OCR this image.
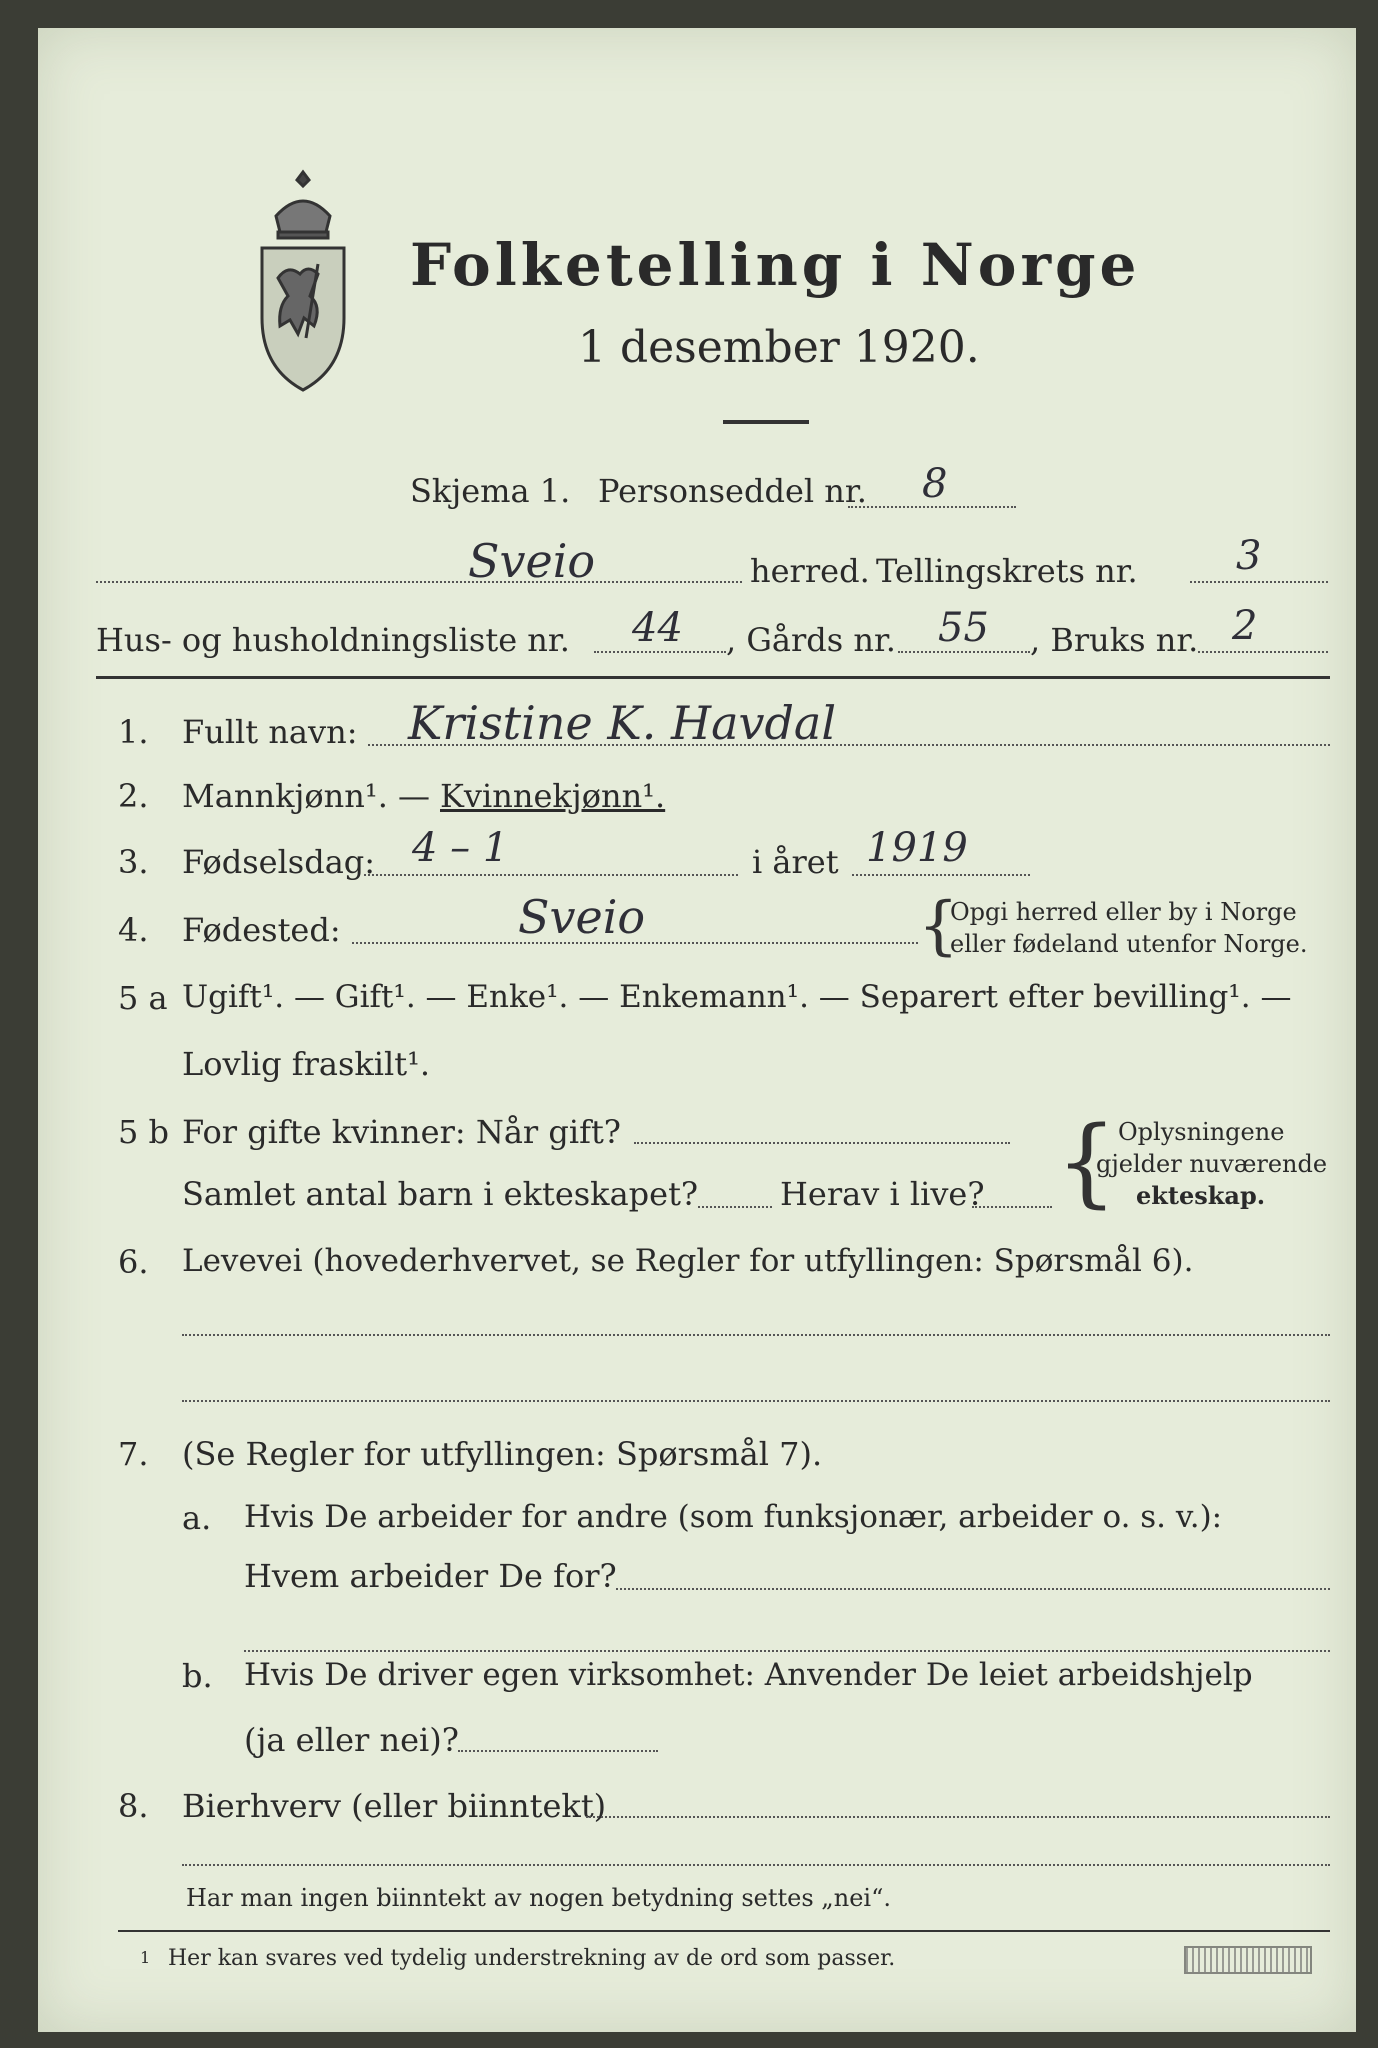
Folketelling i Norge
1 desember 1920.
Skjema 1. Personseddel nr. 8
Sveio	herred. Tellingskrets nr. 3
Hus- og husholdningsliste nr. 44 , Gårds nr. 55 , Bruks nr. 2
1. Fullt navn: Kristine K. Havdal
2. Mannkjønn¹. — Kvinnekjønn¹.
3. Fødselsdag: 4 – 1	i året 1919
4. Fødested:	Sveio	{
Opgi herred eller by i Norge
eller fødeland utenfor Norge.
5 a Ugift¹. — Gift¹. — Enke¹. — Enkemann¹. — Separert efter bevilling¹. —
Lovlig fraskilt¹.
5 b For gifte kvinner: Når gift?
Samlet antal barn i ekteskapet?	Herav i live? { Oplysningene
gjelder nuværende
ekteskap.
6. Levevei (hovederhvervet, se Regler for utfyllingen: Spørsmål 6).
7. (Se Regler for utfyllingen: Spørsmål 7).
a. Hvis De arbeider for andre (som funksjonær, arbeider o. s. v.):
Hvem arbeider De for?
b. Hvis De driver egen virksomhet: Anvender De leiet arbeidshjelp
(ja eller nei)?
8. Bierhverv (eller biinntekt)
Har man ingen biinntekt av nogen betydning settes „nei“.
1 Her kan svares ved tydelig understrekning av de ord som passer.
